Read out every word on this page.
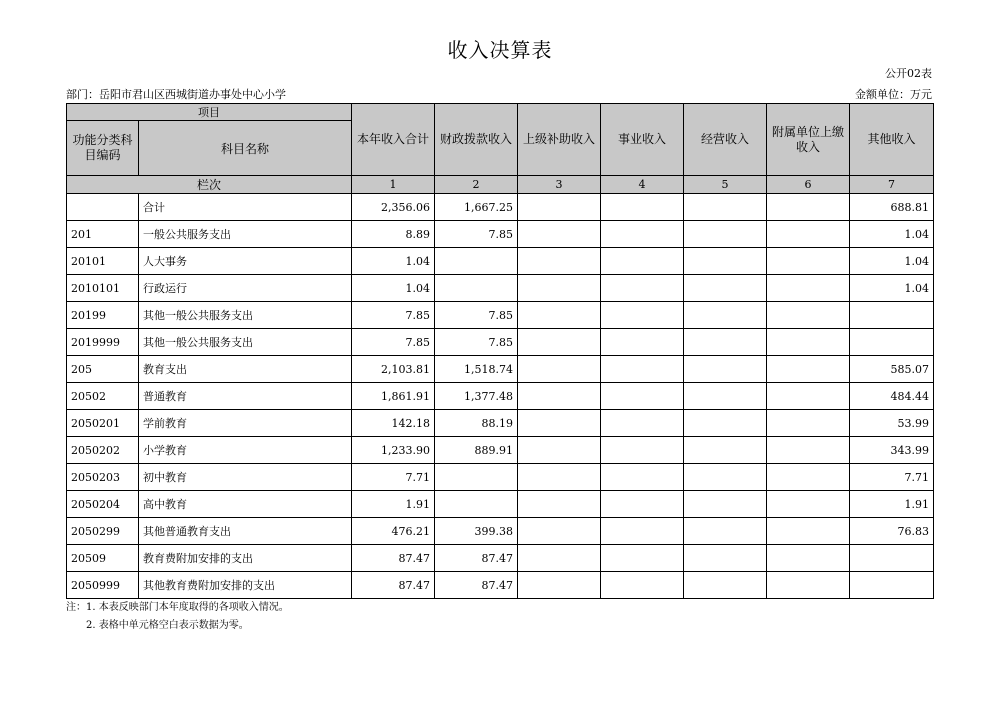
收入决算表
公开02表
部门：岳阳市君山区西城街道办事处中心小学	金额单位：万元
项目		本年收入合计	财政拨款收入	上级补助收入	事业收入	经营收入	附属单位上缴收入	其他收入
功能分类科目编码	科目名称							
栏次		1	2	3	4	5	6	7
	合计	2,356.06	1,667.25					688.81
201	一般公共服务支出	8.89	7.85					1.04
20101	人大事务	1.04						1.04
2010101	行政运行	1.04						1.04
20199	其他一般公共服务支出	7.85	7.85					
2019999	其他一般公共服务支出	7.85	7.85					
205	教育支出	2,103.81	1,518.74					585.07
20502	普通教育	1,861.91	1,377.48					484.44
2050201	学前教育	142.18	88.19					53.99
2050202	小学教育	1,233.90	889.91					343.99
2050203	初中教育	7.71						7.71
2050204	高中教育	1.91						1.91
2050299	其他普通教育支出	476.21	399.38					76.83
20509	教育费附加安排的支出	87.47	87.47					
2050999	其他教育费附加安排的支出	87.47	87.47					
注：1. 本表反映部门本年度取得的各项收入情况。
2. 表格中单元格空白表示数据为零。
